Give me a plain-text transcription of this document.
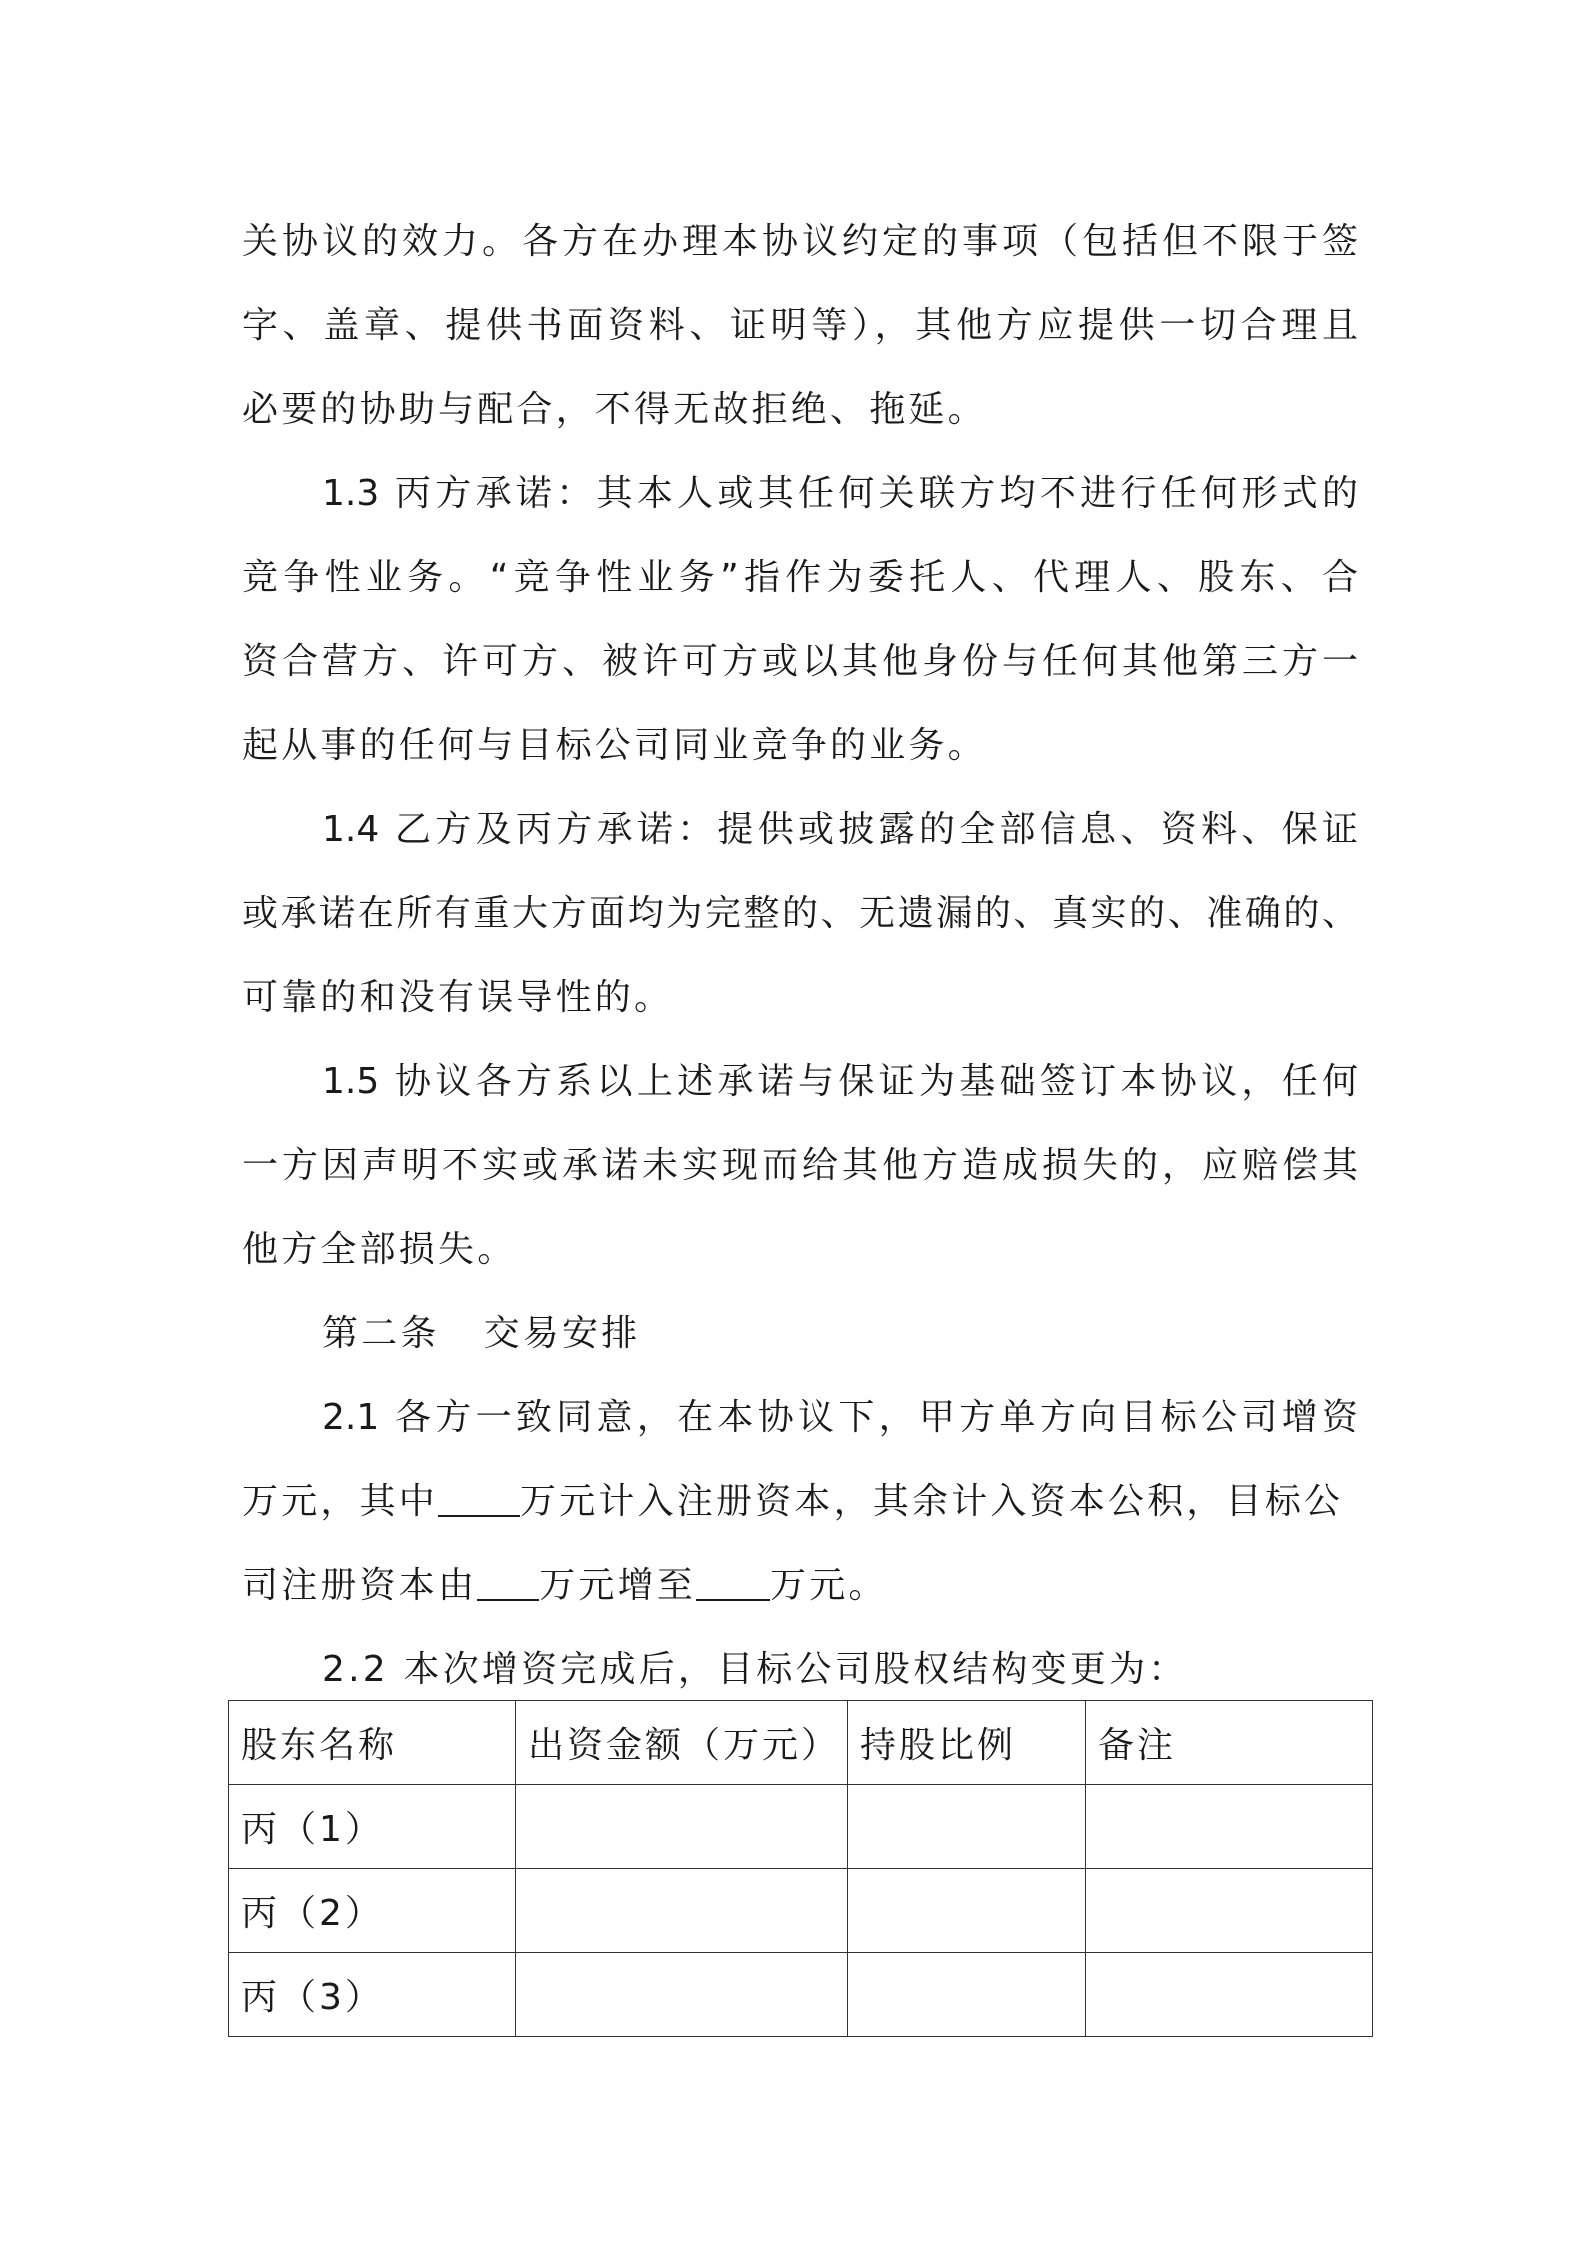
关协议的效力。各方在办理本协议约定的事项（包括但不限于签
字、盖章、提供书面资料、证明等），其他方应提供一切合理且
必要的协助与配合，不得无故拒绝、拖延。
1.3 丙方承诺：其本人或其任何关联方均不进行任何形式的
竞争性业务。“竞争性业务”指作为委托人、代理人、股东、合
资合营方、许可方、被许可方或以其他身份与任何其他第三方一
起从事的任何与目标公司同业竞争的业务。
1.4 乙方及丙方承诺：提供或披露的全部信息、资料、保证
或承诺在所有重大方面均为完整的、无遗漏的、真实的、准确的、
可靠的和没有误导性的。
1.5 协议各方系以上述承诺与保证为基础签订本协议，任何
一方因声明不实或承诺未实现而给其他方造成损失的，应赔偿其
他方全部损失。
第二条 交易安排
2.1 各方一致同意，在本协议下，甲方单方向目标公司增资
万元，其中 万元计入注册资本，其余计入资本公积，目标公
司注册资本由 万元增至 万元。
2.2 本次增资完成后，目标公司股权结构变更为：
股东名称	出资金额（万元）	持股比例	备注
丙（1）			
丙（2）			
丙（3）			
